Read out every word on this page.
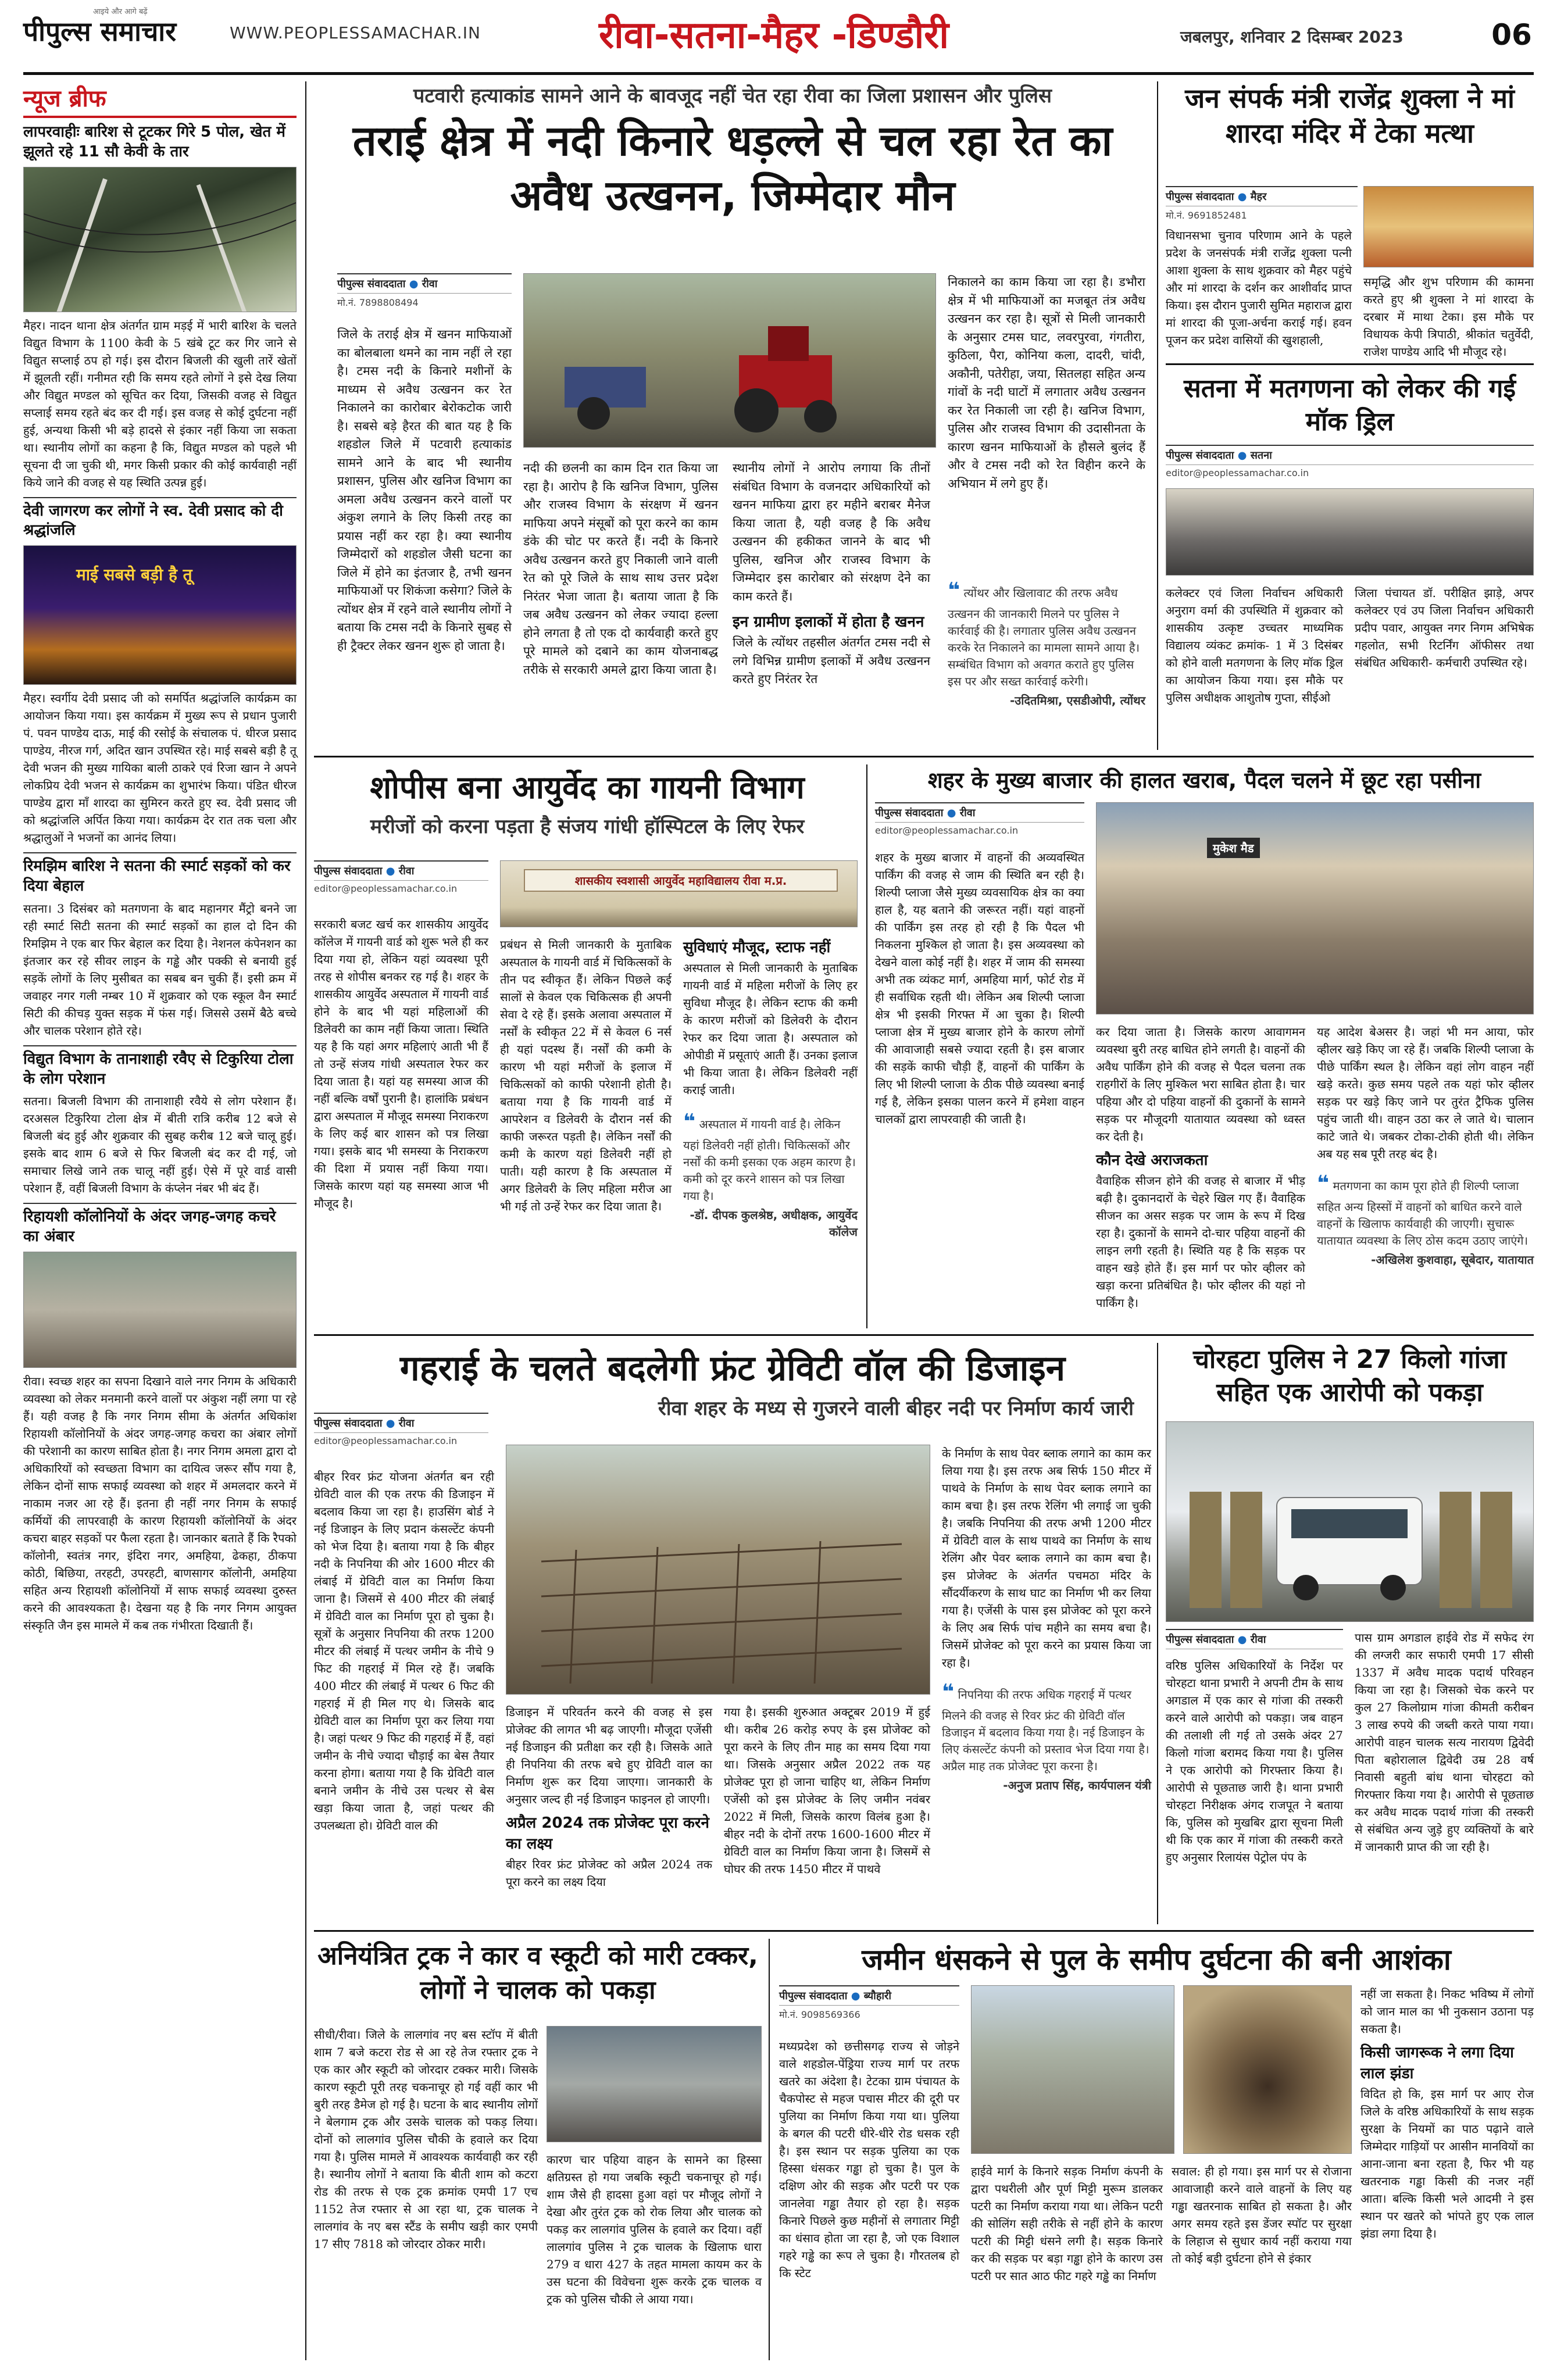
पीपुल्स समाचार
आइये और आगे बढ़ें
WWW.PEOPLESSAMACHAR.IN	रीवा-सतना-मैहर -डिण्डौरी	जबलपुर, शनिवार 2 दिसम्बर 2023	06
न्यूज ब्रीफ
लापरवाहीः बारिश से टूटकर गिरे 5 पोल, खेत में झूलते रहे 11 सौ केवी के तार
मैहर। नादन थाना क्षेत्र अंतर्गत ग्राम मड़ई में भारी बारिश के चलते विद्युत विभाग के 1100 केवी के 5 खंबे टूट कर गिर जाने से विद्युत सप्लाई ठप हो गई। इस दौरान बिजली की खुली तारें खेतों में झूलती रहीं। गनीमत रही कि समय रहते लोगों ने इसे देख लिया और विद्युत मण्डल को सूचित कर दिया, जिसकी वजह से विद्युत सप्लाई समय रहते बंद कर दी गई। इस वजह से कोई दुर्घटना नहीं हुई, अन्यथा किसी भी बड़े हादसे से इंकार नहीं किया जा सकता था। स्थानीय लोगों का कहना है कि, विद्युत मण्डल को पहले भी सूचना दी जा चुकी थी, मगर किसी प्रकार की कोई कार्यवाही नहीं किये जाने की वजह से यह स्थिति उत्पन्न हुई।
देवी जागरण कर लोगों ने स्व. देवी प्रसाद को दी श्रद्धांजलि
माई सबसे बड़ी है तू
मैहर। स्वर्गीय देवी प्रसाद जी को समर्पित श्रद्धांजलि कार्यक्रम का आयोजन किया गया। इस कार्यक्रम में मुख्य रूप से प्रधान पुजारी पं. पवन पाण्डेय दाऊ, माई की रसोई के संचालक पं. धीरज प्रसाद पाण्डेय, नीरज गर्ग, अदित खान उपस्थित रहे। माई सबसे बड़ी है तू देवी भजन की मुख्य गायिका बाली ठाकरे एवं रिजा खान ने अपने लोकप्रिय देवी भजन से कार्यक्रम का शुभारंभ किया। पंडित धीरज पाण्डेय द्वारा माँ शारदा का सुमिरन करते हुए स्व. देवी प्रसाद जी को श्रद्धांजलि अर्पित किया गया। कार्यक्रम देर रात तक चला और श्रद्धालुओं ने भजनों का आनंद लिया।
रिमझिम बारिश ने सतना की स्मार्ट सड़कों को कर दिया बेहाल
सतना। 3 दिसंबर को मतगणना के बाद महानगर मैंट्रो बनने जा रही स्मार्ट सिटी सतना की स्मार्ट सड़कों का हाल दो दिन की रिमझिम ने एक बार फिर बेहाल कर दिया है। नेशनल कंपेनशन का इंतजार कर रहे सीवर लाइन के गड्ढे और पक्की से बनायी हुई सड़कें लोगों के लिए मुसीबत का सबब बन चुकी हैं। इसी क्रम में जवाहर नगर गली नम्बर 10 में शुक्रवार को एक स्कूल वैन स्मार्ट सिटी की कीचड़ युक्त सड़क में फंस गई। जिससे उसमें बैठे बच्चे और चालक परेशान होते रहे।
विद्युत विभाग के तानाशाही रवैए से टिकुरिया टोला के लोग परेशान
सतना। बिजली विभाग की तानाशाही रवैये से लोग परेशान हैं। दरअसल टिकुरिया टोला क्षेत्र में बीती रात्रि करीब 12 बजे से बिजली बंद हुई और शुक्रवार की सुबह करीब 12 बजे चालू हुई। इसके बाद शाम 6 बजे से फिर बिजली बंद कर दी गई, जो समाचार लिखे जाने तक चालू नहीं हुई। ऐसे में पूरे वार्ड वासी परेशान हैं, वहीं बिजली विभाग के कंप्लेन नंबर भी बंद हैं।
रिहायशी कॉलोनियों के अंदर जगह-जगह कचरे का अंबार
रीवा। स्वच्छ शहर का सपना दिखाने वाले नगर निगम के अधिकारी व्यवस्था को लेकर मनमानी करने वालों पर अंकुश नहीं लगा पा रहे हैं। यही वजह है कि नगर निगम सीमा के अंतर्गत अधिकांश रिहायशी कॉलोनियों के अंदर जगह-जगह कचरा का अंबार लोगों की परेशानी का कारण साबित होता है। नगर निगम अमला द्वारा दो अधिकारियों को स्वच्छता विभाग का दायित्व जरूर सौंप गया है, लेकिन दोनों साफ सफाई व्यवस्था को शहर में अमलदार करने में नाकाम नजर आ रहे हैं। इतना ही नहीं नगर निगम के सफाई कर्मियों की लापरवाही के कारण रिहायशी कॉलोनियों के अंदर कचरा बाहर सड़कों पर फैला रहता है। जानकार बताते हैं कि रैपको कॉलोनी, स्वतंत्र नगर, इंदिरा नगर, अमहिया, ढेकहा, ठीकपा कोठी, बिछिया, तरहटी, उपरहटी, बाणसागर कॉलोनी, अमहिया सहित अन्य रिहायशी कॉलोनियों में साफ सफाई व्यवस्था दुरुस्त करने की आवश्यकता है। देखना यह है कि नगर निगम आयुक्त संस्कृति जैन इस मामले में कब तक गंभीरता दिखाती हैं।
पटवारी हत्याकांड सामने आने के बावजूद नहीं चेत रहा रीवा का जिला प्रशासन और पुलिस
तराई क्षेत्र में नदी किनारे धड़ल्ले से चल रहा रेत का अवैध उत्खनन, जिम्मेदार मौन
पीपुल्स संवाददाता ● रीवा
मो.नं. 7898808494
जिले के तराई क्षेत्र में खनन माफियाओं का बोलबाला थमने का नाम नहीं ले रहा है। टमस नदी के किनारे मशीनों के माध्यम से अवैध उत्खनन कर रेत निकालने का कारोबार बेरोकटोक जारी है। सबसे बड़े हैरत की बात यह है कि शहडोल जिले में पटवारी हत्याकांड सामने आने के बाद भी स्थानीय प्रशासन, पुलिस और खनिज विभाग का अमला अवैध उत्खनन करने वालों पर अंकुश लगाने के लिए किसी तरह का प्रयास नहीं कर रहा है। क्या स्थानीय जिम्मेदारों को शहडोल जैसी घटना का जिले में होने का इंतजार है, तभी खनन माफियाओं पर शिकंजा कसेगा? जिले के त्योंथर क्षेत्र में रहने वाले स्थानीय लोगों ने बताया कि टमस नदी के किनारे सुबह से ही ट्रैक्टर लेकर खनन शुरू हो जाता है।
नदी की छलनी का काम दिन रात किया जा रहा है। आरोप है कि खनिज विभाग, पुलिस और राजस्व विभाग के संरक्षण में खनन माफिया अपने मंसूबों को पूरा करने का काम डंके की चोट पर करते हैं। नदी के किनारे अवैध उत्खनन करते हुए निकाली जाने वाली रेत को पूरे जिले के साथ साथ उत्तर प्रदेश निरंतर भेजा जाता है। बताया जाता है कि जब अवैध उत्खनन को लेकर ज्यादा हल्ला होने लगता है तो एक दो कार्यवाही करते हुए पूरे मामले को दबाने का काम योजनाबद्ध तरीके से सरकारी अमले द्वारा किया जाता है।
स्थानीय लोगों ने आरोप लगाया कि तीनों संबंधित विभाग के वजनदार अधिकारियों को खनन माफिया द्वारा हर महीने बराबर मैनेज किया जाता है, यही वजह है कि अवैध उत्खनन की हकीकत जानने के बाद भी पुलिस, खनिज और राजस्व विभाग के जिम्मेदार इस कारोबार को संरक्षण देने का काम करते हैं।
इन ग्रामीण इलाकों में होता है खनन
जिले के त्योंथर तहसील अंतर्गत टमस नदी से लगे विभिन्न ग्रामीण इलाकों में अवैध उत्खनन करते हुए निरंतर रेत
निकालने का काम किया जा रहा है। डभौरा क्षेत्र में भी माफियाओं का मजबूत तंत्र अवैध उत्खनन कर रहा है। सूत्रों से मिली जानकारी के अनुसार टमस घाट, लवरपुरवा, गंगतीरा, कुठिला, पैरा, कोनिया कला, दादरी, चांदी, अकौनी, पतेरीहा, जया, सितलहा सहित अन्य गांवों के नदी घाटों में लगातार अवैध उत्खनन कर रेत निकाली जा रही है। खनिज विभाग, पुलिस और राजस्व विभाग की उदासीनता के कारण खनन माफियाओं के हौसले बुलंद हैं और वे टमस नदी को रेत विहीन करने के अभियान में लगे हुए हैं।
❝ त्योंथर और खिलावाट की तरफ अवैध उत्खनन की जानकारी मिलने पर पुलिस ने कार्रवाई की है। लगातार पुलिस अवैध उत्खनन करके रेत निकालने का मामला सामने आया है। सम्बंधित विभाग को अवगत कराते हुए पुलिस इस पर और सख्त कार्रवाई करेगी।
-उदितमिश्रा, एसडीओपी, त्योंथर
जन संपर्क मंत्री राजेंद्र शुक्ला ने मां शारदा मंदिर में टेका मत्था
पीपुल्स संवाददाता ● मैहर
मो.नं. 9691852481
विधानसभा चुनाव परिणाम आने के पहले प्रदेश के जनसंपर्क मंत्री राजेंद्र शुक्ला पत्नी आशा शुक्ला के साथ शुक्रवार को मैहर पहुंचे और मां शारदा के दर्शन कर आशीर्वाद प्राप्त किया। इस दौरान पुजारी सुमित महाराज द्वारा मां शारदा की पूजा-अर्चना कराई गई। हवन पूजन कर प्रदेश वासियों की खुशहाली,
समृद्धि और शुभ परिणाम की कामना करते हुए श्री शुक्ला ने मां शारदा के दरबार में माथा टेका। इस मौके पर विधायक केपी त्रिपाठी, श्रीकांत चतुर्वेदी, राजेश पाण्डेय आदि भी मौजूद रहे।
सतना में मतगणना को लेकर की गई मॉक ड्रिल
पीपुल्स संवाददाता ● सतना
editor@peoplessamachar.co.in
कलेक्टर एवं जिला निर्वाचन अधिकारी अनुराग वर्मा की उपस्थिति में शुक्रवार को शासकीय उत्कृष्ट उच्चतर माध्यमिक विद्यालय व्यंकट क्रमांक- 1 में 3 दिसंबर को होने वाली मतगणना के लिए मॉक ड्रिल का आयोजन किया गया। इस मौके पर पुलिस अधीक्षक आशुतोष गुप्ता, सीईओ
जिला पंचायत डॉ. परीक्षित झाड़े, अपर कलेक्टर एवं उप जिला निर्वाचन अधिकारी प्रदीप पवार, आयुक्त नगर निगम अभिषेक गहलोत, सभी रिटर्निंग ऑफीसर तथा संबंधित अधिकारी- कर्मचारी उपस्थित रहे।
शोपीस बना आयुर्वेद का गायनी विभाग
मरीजों को करना पड़ता है संजय गांधी हॉस्पिटल के लिए रेफर
पीपुल्स संवाददाता ● रीवा
editor@peoplessamachar.co.in
शासकीय स्वशासी आयुर्वेद महाविद्यालय रीवा म.प्र.
सरकारी बजट खर्च कर शासकीय आयुर्वेद कॉलेज में गायनी वार्ड को शुरू भले ही कर दिया गया हो, लेकिन यहां व्यवस्था पूरी तरह से शोपीस बनकर रह गई है। शहर के शासकीय आयुर्वेद अस्पताल में गायनी वार्ड होने के बाद भी यहां महिलाओं की डिलेवरी का काम नहीं किया जाता। स्थिति यह है कि यहां अगर महिलाएं आती भी हैं तो उन्हें संजय गांधी अस्पताल रेफर कर दिया जाता है। यहां यह समस्या आज की नहीं बल्कि वर्षों पुरानी है। हालांकि प्रबंधन द्वारा अस्पताल में मौजूद समस्या निराकरण के लिए कई बार शासन को पत्र लिखा गया। इसके बाद भी समस्या के निराकरण की दिशा में प्रयास नहीं किया गया। जिसके कारण यहां यह समस्या आज भी मौजूद है।
प्रबंधन से मिली जानकारी के मुताबिक अस्पताल के गायनी वार्ड में चिकित्सकों के तीन पद स्वीकृत हैं। लेकिन पिछले कई सालों से केवल एक चिकित्सक ही अपनी सेवा दे रहे हैं। इसके अलावा अस्पताल में नर्सों के स्वीकृत 22 में से केवल 6 नर्स ही यहां पदस्थ हैं। नर्सों की कमी के कारण भी यहां मरीजों के इलाज में चिकित्सकों को काफी परेशानी होती है। बताया गया है कि गायनी वार्ड में आपरेशन व डिलेवरी के दौरान नर्स की काफी जरूरत पड़ती है। लेकिन नर्सों की कमी के कारण यहां डिलेवरी नहीं हो पाती। यही कारण है कि अस्पताल में अगर डिलेवरी के लिए महिला मरीज आ भी गई तो उन्हें रेफर कर दिया जाता है।
सुविधाएं मौजूद, स्टाफ नहीं
अस्पताल से मिली जानकारी के मुताबिक गायनी वार्ड में महिला मरीजों के लिए हर सुविधा मौजूद है। लेकिन स्टाफ की कमी के कारण मरीजों को डिलेवरी के दौरान रेफर कर दिया जाता है। अस्पताल को ओपीडी में प्रसूताएं आती हैं। उनका इलाज भी किया जाता है। लेकिन डिलेवरी नहीं कराई जाती।
❝ अस्पताल में गायनी वार्ड है। लेकिन यहां डिलेवरी नहीं होती। चिकित्सकों और नर्सों की कमी इसका एक अहम कारण है। कमी को दूर करने शासन को पत्र लिखा गया है।
-डॉ. दीपक कुलश्रेष्ठ, अधीक्षक, आयुर्वेद कॉलेज
शहर के मुख्य बाजार की हालत खराब, पैदल चलने में छूट रहा पसीना
पीपुल्स संवाददाता ● रीवा
editor@peoplessamachar.co.in
मुकेश मैड
शहर के मुख्य बाजार में वाहनों की अव्यवस्थित पार्किंग की वजह से जाम की स्थिति बन रही है। शिल्पी प्लाजा जैसे मुख्य व्यवसायिक क्षेत्र का क्या हाल है, यह बताने की जरूरत नहीं। यहां वाहनों की पार्किंग इस तरह हो रही है कि पैदल भी निकलना मुश्किल हो जाता है। इस अव्यवस्था को देखने वाला कोई नहीं है। शहर में जाम की समस्या अभी तक व्यंकट मार्ग, अमहिया मार्ग, फोर्ट रोड में ही सर्वाधिक रहती थी। लेकिन अब शिल्पी प्लाजा क्षेत्र भी इसकी गिरफ्त में आ चुका है। शिल्पी प्लाजा क्षेत्र में मुख्य बाजार होने के कारण लोगों की आवाजाही सबसे ज्यादा रहती है। इस बाजार की सड़कें काफी चौड़ी हैं, वाहनों की पार्किंग के लिए भी शिल्पी प्लाजा के ठीक पीछे व्यवस्था बनाई गई है, लेकिन इसका पालन करने में हमेशा वाहन चालकों द्वारा लापरवाही की जाती है।
कर दिया जाता है। जिसके कारण आवागमन व्यवस्था बुरी तरह बाधित होने लगती है। वाहनों की अवैध पार्किंग होने की वजह से पैदल चलना तक राहगीरों के लिए मुश्किल भरा साबित होता है। चार पहिया और दो पहिया वाहनों की दुकानों के सामने सड़क पर मौजूदगी यातायात व्यवस्था को ध्वस्त कर देती है।
कौन देखे अराजकता
वैवाहिक सीजन होने की वजह से बाजार में भीड़ बढ़ी है। दुकानदारों के चेहरे खिल गए हैं। वैवाहिक सीजन का असर सड़क पर जाम के रूप में दिख रहा है। दुकानों के सामने दो-चार पहिया वाहनों की लाइन लगी रहती है। स्थिति यह है कि सड़क पर वाहन खड़े होते हैं। इस मार्ग पर फोर व्हीलर को खड़ा करना प्रतिबंधित है। फोर व्हीलर की यहां नो पार्किंग है।
यह आदेश बेअसर है। जहां भी मन आया, फोर व्हीलर खड़े किए जा रहे हैं। जबकि शिल्पी प्लाजा के पीछे पार्किंग स्थल है। लेकिन वहां लोग वाहन नहीं खड़े करते। कुछ समय पहले तक यहां फोर व्हीलर सड़क पर खड़े किए जाने पर तुरंत ट्रैफिक पुलिस पहुंच जाती थी। वाहन उठा कर ले जाते थे। चालान काटे जाते थे। जबकर टोका-टोकी होती थी। लेकिन अब यह सब पूरी तरह बंद है।
❝ मतगणना का काम पूरा होते ही शिल्पी प्लाजा सहित अन्य हिस्सों में वाहनों को बाधित करने वाले वाहनों के खिलाफ कार्यवाही की जाएगी। सुचारू यातायात व्यवस्था के लिए ठोस कदम उठाए जाएंगे।
-अखिलेश कुशवाहा, सूबेदार, यातायात
गहराई के चलते बदलेगी फ्रंट ग्रेविटी वॉल की डिजाइन
रीवा शहर के मध्य से गुजरने वाली बीहर नदी पर निर्माण कार्य जारी
पीपुल्स संवाददाता ● रीवा
editor@peoplessamachar.co.in
बीहर रिवर फ्रंट योजना अंतर्गत बन रही ग्रेविटी वाल की एक तरफ की डिजाइन में बदलाव किया जा रहा है। हाउसिंग बोर्ड ने नई डिजाइन के लिए प्रदान कंसल्टेंट कंपनी को भेज दिया है। बताया गया है कि बीहर नदी के निपनिया की ओर 1600 मीटर की लंबाई में ग्रेविटी वाल का निर्माण किया जाना है। जिसमें से 400 मीटर की लंबाई में ग्रेविटी वाल का निर्माण पूरा हो चुका है। सूत्रों के अनुसार निपनिया की तरफ 1200 मीटर की लंबाई में पत्थर जमीन के नीचे 9 फिट की गहराई में मिल रहे हैं। जबकि 400 मीटर की लंबाई में पत्थर 6 फिट की गहराई में ही मिल गए थे। जिसके बाद ग्रेविटी वाल का निर्माण पूरा कर लिया गया है। जहां पत्थर 9 फिट की गहराई में हैं, वहां जमीन के नीचे ज्यादा चौड़ाई का बेस तैयार करना होगा। बताया गया है कि ग्रेविटी वाल बनाने जमीन के नीचे उस पत्थर से बेस खड़ा किया जाता है, जहां पत्थर की उपलब्धता हो। ग्रेविटी वाल की
डिजाइन में परिवर्तन करने की वजह से इस प्रोजेक्ट की लागत भी बढ़ जाएगी। मौजूदा एजेंसी नई डिजाइन की प्रतीक्षा कर रही है। जिसके आते ही निपनिया की तरफ बचे हुए ग्रेविटी वाल का निर्माण शुरू कर दिया जाएगा। जानकारी के अनुसार जल्द ही नई डिजाइन फाइनल हो जाएगी।
अप्रैल 2024 तक प्रोजेक्ट पूरा करने का लक्ष्य
बीहर रिवर फ्रंट प्रोजेक्ट को अप्रैल 2024 तक पूरा करने का लक्ष्य दिया
गया है। इसकी शुरुआत अक्टूबर 2019 में हुई थी। करीब 26 करोड़ रुपए के इस प्रोजेक्ट को पूरा करने के लिए तीन माह का समय दिया गया था। जिसके अनुसार अप्रैल 2022 तक यह प्रोजेक्ट पूरा हो जाना चाहिए था, लेकिन निर्माण एजेंसी को इस प्रोजेक्ट के लिए जमीन नवंबर 2022 में मिली, जिसके कारण विलंब हुआ है। बीहर नदी के दोनों तरफ 1600-1600 मीटर में ग्रेविटी वाल का निर्माण किया जाना है। जिसमें से घोघर की तरफ 1450 मीटर में पाथवे
के निर्माण के साथ पेवर ब्लाक लगाने का काम कर लिया गया है। इस तरफ अब सिर्फ 150 मीटर में पाथवे के निर्माण के साथ पेवर ब्लाक लगाने का काम बचा है। इस तरफ रेलिंग भी लगाई जा चुकी है। जबकि निपनिया की तरफ अभी 1200 मीटर में ग्रेविटी वाल के साथ पाथवे का निर्माण के साथ रेलिंग और पेवर ब्लाक लगाने का काम बचा है। इस प्रोजेक्ट के अंतर्गत पचमठा मंदिर के सौंदर्यीकरण के साथ घाट का निर्माण भी कर लिया गया है। एजेंसी के पास इस प्रोजेक्ट को पूरा करने के लिए अब सिर्फ पांच महीने का समय बचा है। जिसमें प्रोजेक्ट को पूरा करने का प्रयास किया जा रहा है।
❝ निपनिया की तरफ अधिक गहराई में पत्थर मिलने की वजह से रिवर फ्रंट की ग्रेविटी वॉल डिजाइन में बदलाव किया गया है। नई डिजाइन के लिए कंसल्टेंट कंपनी को प्रस्ताव भेज दिया गया है। अप्रैल माह तक प्रोजेक्ट पूरा करना है।
-अनुज प्रताप सिंह, कार्यपालन यंत्री
चोरहटा पुलिस ने 27 किलो गांजा सहित एक आरोपी को पकड़ा
पीपुल्स संवाददाता ● रीवा
वरिष्ठ पुलिस अधिकारियों के निर्देश पर चोरहटा थाना प्रभारी ने अपनी टीम के साथ अगडाल में एक कार से गांजा की तस्करी करने वाले आरोपी को पकड़ा। जब वाहन की तलाशी ली गई तो उसके अंदर 27 किलो गांजा बरामद किया गया है। पुलिस ने एक आरोपी को गिरफ्तार किया है। आरोपी से पूछताछ जारी है। थाना प्रभारी चोरहटा निरीक्षक अंगद राजपूत ने बताया कि, पुलिस को मुखबिर द्वारा सूचना मिली थी कि एक कार में गांजा की तस्करी करते हुए अनुसार रिलायंस पेट्रोल पंप के
पास ग्राम अगडाल हाईवे रोड में सफेद रंग की लग्जरी कार सफारी एमपी 17 सीसी 1337 में अवैध मादक पदार्थ परिवहन किया जा रहा है। जिसको चेक करने पर कुल 27 किलोग्राम गांजा कीमती करीबन 3 लाख रुपये की जब्ती करते पाया गया। आरोपी वाहन चालक सत्य नारायण द्विवेदी पिता बहोरालाल द्विवेदी उम्र 28 वर्ष निवासी बहुती बांध थाना चोरहटा को गिरफ्तार किया गया है। आरोपी से पूछताछ कर अवैध मादक पदार्थ गांजा की तस्करी से संबंधित अन्य जुड़े हुए व्यक्तियों के बारे में जानकारी प्राप्त की जा रही है।
अनियंत्रित ट्रक ने कार व स्कूटी को मारी टक्कर, लोगों ने चालक को पकड़ा
सीधी/रीवा। जिले के लालगांव नए बस स्टॉप में बीती शाम 7 बजे कटरा रोड से आ रहे तेज रफ्तार ट्रक ने एक कार और स्कूटी को जोरदार टक्कर मारी। जिसके कारण स्कूटी पूरी तरह चकनाचूर हो गई वहीं कार भी बुरी तरह डैमेज हो गई है। घटना के बाद स्थानीय लोगों ने बेलगाम ट्रक और उसके चालक को पकड़ लिया। दोनों को लालगांव पुलिस चौकी के हवाले कर दिया गया है। पुलिस मामले में आवश्यक कार्यवाही कर रही है। स्थानीय लोगों ने बताया कि बीती शाम को कटरा रोड की तरफ से एक ट्रक क्रमांक एमपी 17 एच 1152 तेज रफ्तार से आ रहा था, ट्रक चालक ने लालगांव के नए बस स्टैंड के समीप खड़ी कार एमपी 17 सीए 7818 को जोरदार ठोकर मारी।
कारण चार पहिया वाहन के सामने का हिस्सा क्षतिग्रस्त हो गया जबकि स्कूटी चकनाचूर हो गई। शाम जैसे ही हादसा हुआ वहां पर मौजूद लोगों ने देखा और तुरंत ट्रक को रोक लिया और चालक को पकड़ कर लालगांव पुलिस के हवाले कर दिया। वहीं लालगांव पुलिस ने ट्रक चालक के खिलाफ धारा 279 व धारा 427 के तहत मामला कायम कर के उस घटना की विवेचना शुरू करके ट्रक चालक व ट्रक को पुलिस चौकी ले आया गया।
जमीन धंसकने से पुल के समीप दुर्घटना की बनी आशंका
पीपुल्स संवाददाता ● ब्यौहारी
मो.नं. 9098569366
मध्यप्रदेश को छत्तीसगढ़ राज्य से जोड़ने वाले शहडोल-पेंड्रिया राज्य मार्ग पर तरफ खतरे का अंदेशा है। टेटका ग्राम पंचायत के चैकपोस्ट से महज पचास मीटर की दूरी पर पुलिया का निर्माण किया गया था। पुलिया के बगल की पटरी धीरे-धीरे रोड धसक रही है। इस स्थान पर सड़क पुलिया का एक हिस्सा धंसकर गड्ढा हो चुका है। पुल के दक्षिण ओर की सड़क और पटरी पर एक जानलेवा गड्ढा तैयार हो रहा है। सड़क किनारे पिछले कुछ महीनों से लगातार मिट्टी का धंसाव होता जा रहा है, जो एक विशाल गहरे गड्ढे का रूप ले चुका है। गौरतलब हो कि स्टेट
हाईवे मार्ग के किनारे सड़क निर्माण कंपनी के द्वारा पथरीली और पूर्ण मिट्टी मुरूम डालकर पटरी का निर्माण कराया गया था। लेकिन पटरी की सोलिंग सही तरीके से नहीं होने के कारण पटरी की मिट्टी धंसने लगी है। सड़क किनारे कर की सड़क पर बड़ा गड्ढा होने के कारण उस पटरी पर सात आठ फीट गहरे गड्ढे का निर्माण
सवाल: ही हो गया। इस मार्ग पर से रोजाना आवाजाही करने वाले वाहनों के लिए यह गड्ढा खतरनाक साबित हो सकता है। और अगर समय रहते इस डेंजर स्पॉट पर सुरक्षा के लिहाज से सुधार कार्य नहीं कराया गया तो कोई बड़ी दुर्घटना होने से इंकार
नहीं जा सकता है। निकट भविष्य में लोगों को जान माल का भी नुकसान उठाना पड़ सकता है।
किसी जागरूक ने लगा दिया लाल झंडा
विदित हो कि, इस मार्ग पर आए रोज जिले के वरिष्ठ अधिकारियों के साथ सड़क सुरक्षा के नियमों का पाठ पढ़ाने वाले जिम्मेदार गाड़ियों पर आसीन मानवियों का आना-जाना बना रहता है, फिर भी यह खतरनाक गड्ढा किसी की नजर नहीं आता। बल्कि किसी भले आदमी ने इस स्थान पर खतरे को भांपते हुए एक लाल झंडा लगा दिया है।
